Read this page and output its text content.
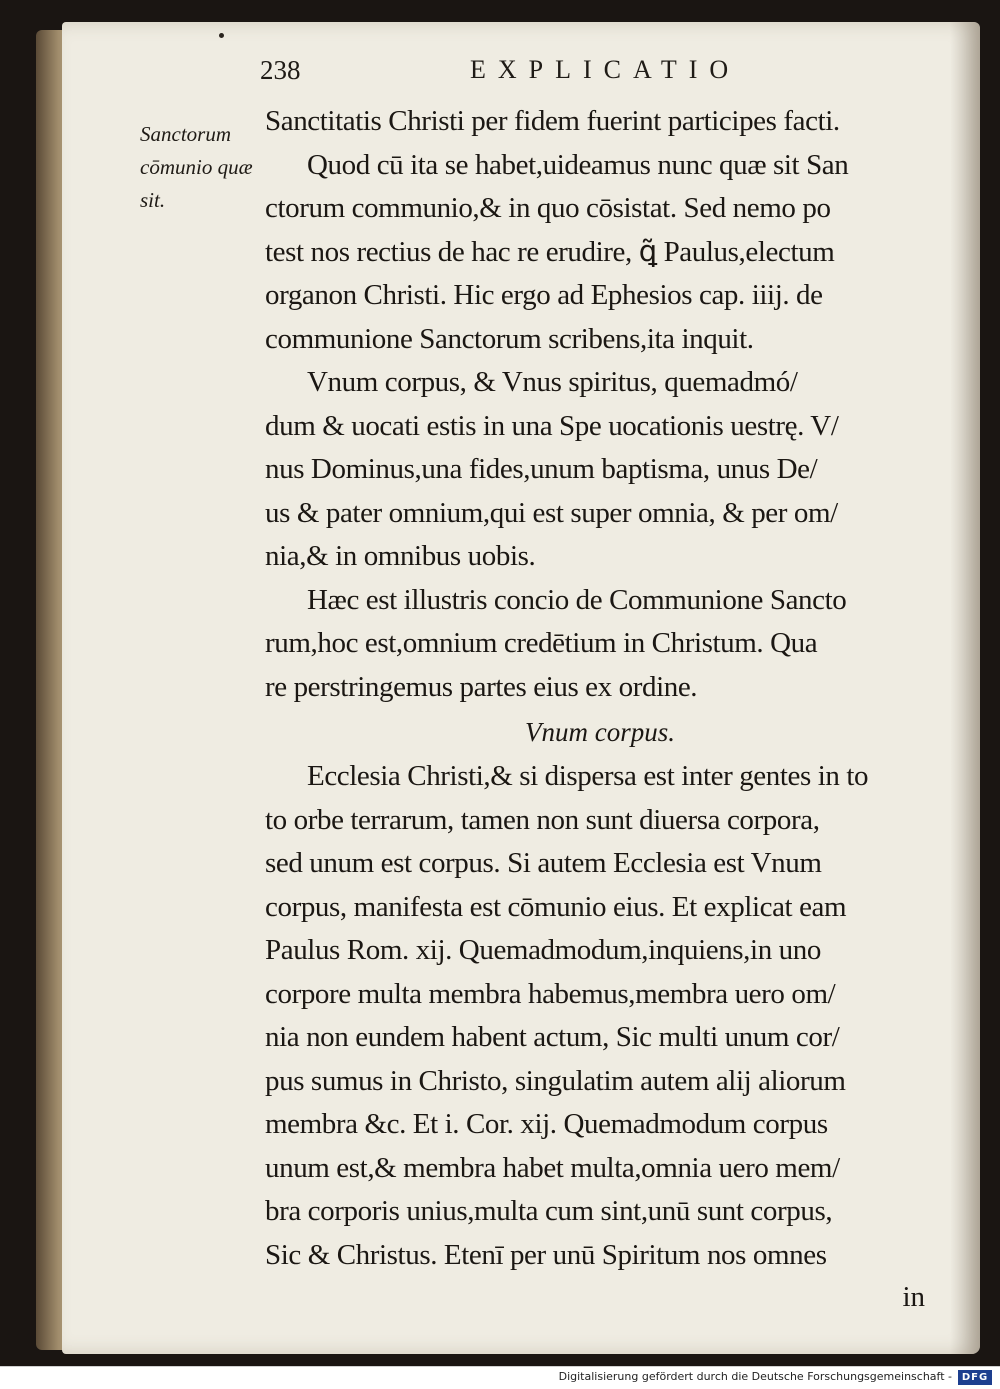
238	EXPLICATIO
Sanctorum
cōmunio quæ
sit.
Sanctitatis Christi per fidem fuerint participes facti.
Quod cū ita se habet,uideamus nunc quæ sit San
ctorum communio,& in quo cōsistat. Sed nemo po
test nos rectius de hac re erudire, ꝗ̃ Paulus,electum
organon Christi. Hic ergo ad Ephesios cap. iiij. de
communione Sanctorum scribens,ita inquit.
Vnum corpus, & Vnus spiritus, quemadmó/
dum & uocati estis in una Spe uocationis uestrę. V/
nus Dominus,una fides,unum baptisma, unus De/
us & pater omnium,qui est super omnia, & per om/
nia,& in omnibus uobis.
Hæc est illustris concio de Communione Sancto
rum,hoc est,omnium credētium in Christum. Qua
re perstringemus partes eius ex ordine.
Vnum corpus.
Ecclesia Christi,& si dispersa est inter gentes in to
to orbe terrarum, tamen non sunt diuersa corpora,
sed unum est corpus. Si autem Ecclesia est Vnum
corpus, manifesta est cōmunio eius. Et explicat eam
Paulus Rom. xij. Quemadmodum,inquiens,in uno
corpore multa membra habemus,membra uero om/
nia non eundem habent actum, Sic multi unum cor/
pus sumus in Christo, singulatim autem alij aliorum
membra &c. Et i. Cor. xij. Quemadmodum corpus
unum est,& membra habet multa,omnia uero mem/
bra corporis unius,multa cum sint,unū sunt corpus,
Sic & Christus. Etenī per unū Spiritum nos omnes
in
Digitalisierung gefördert durch die Deutsche Forschungsgemeinschaft - DFG
